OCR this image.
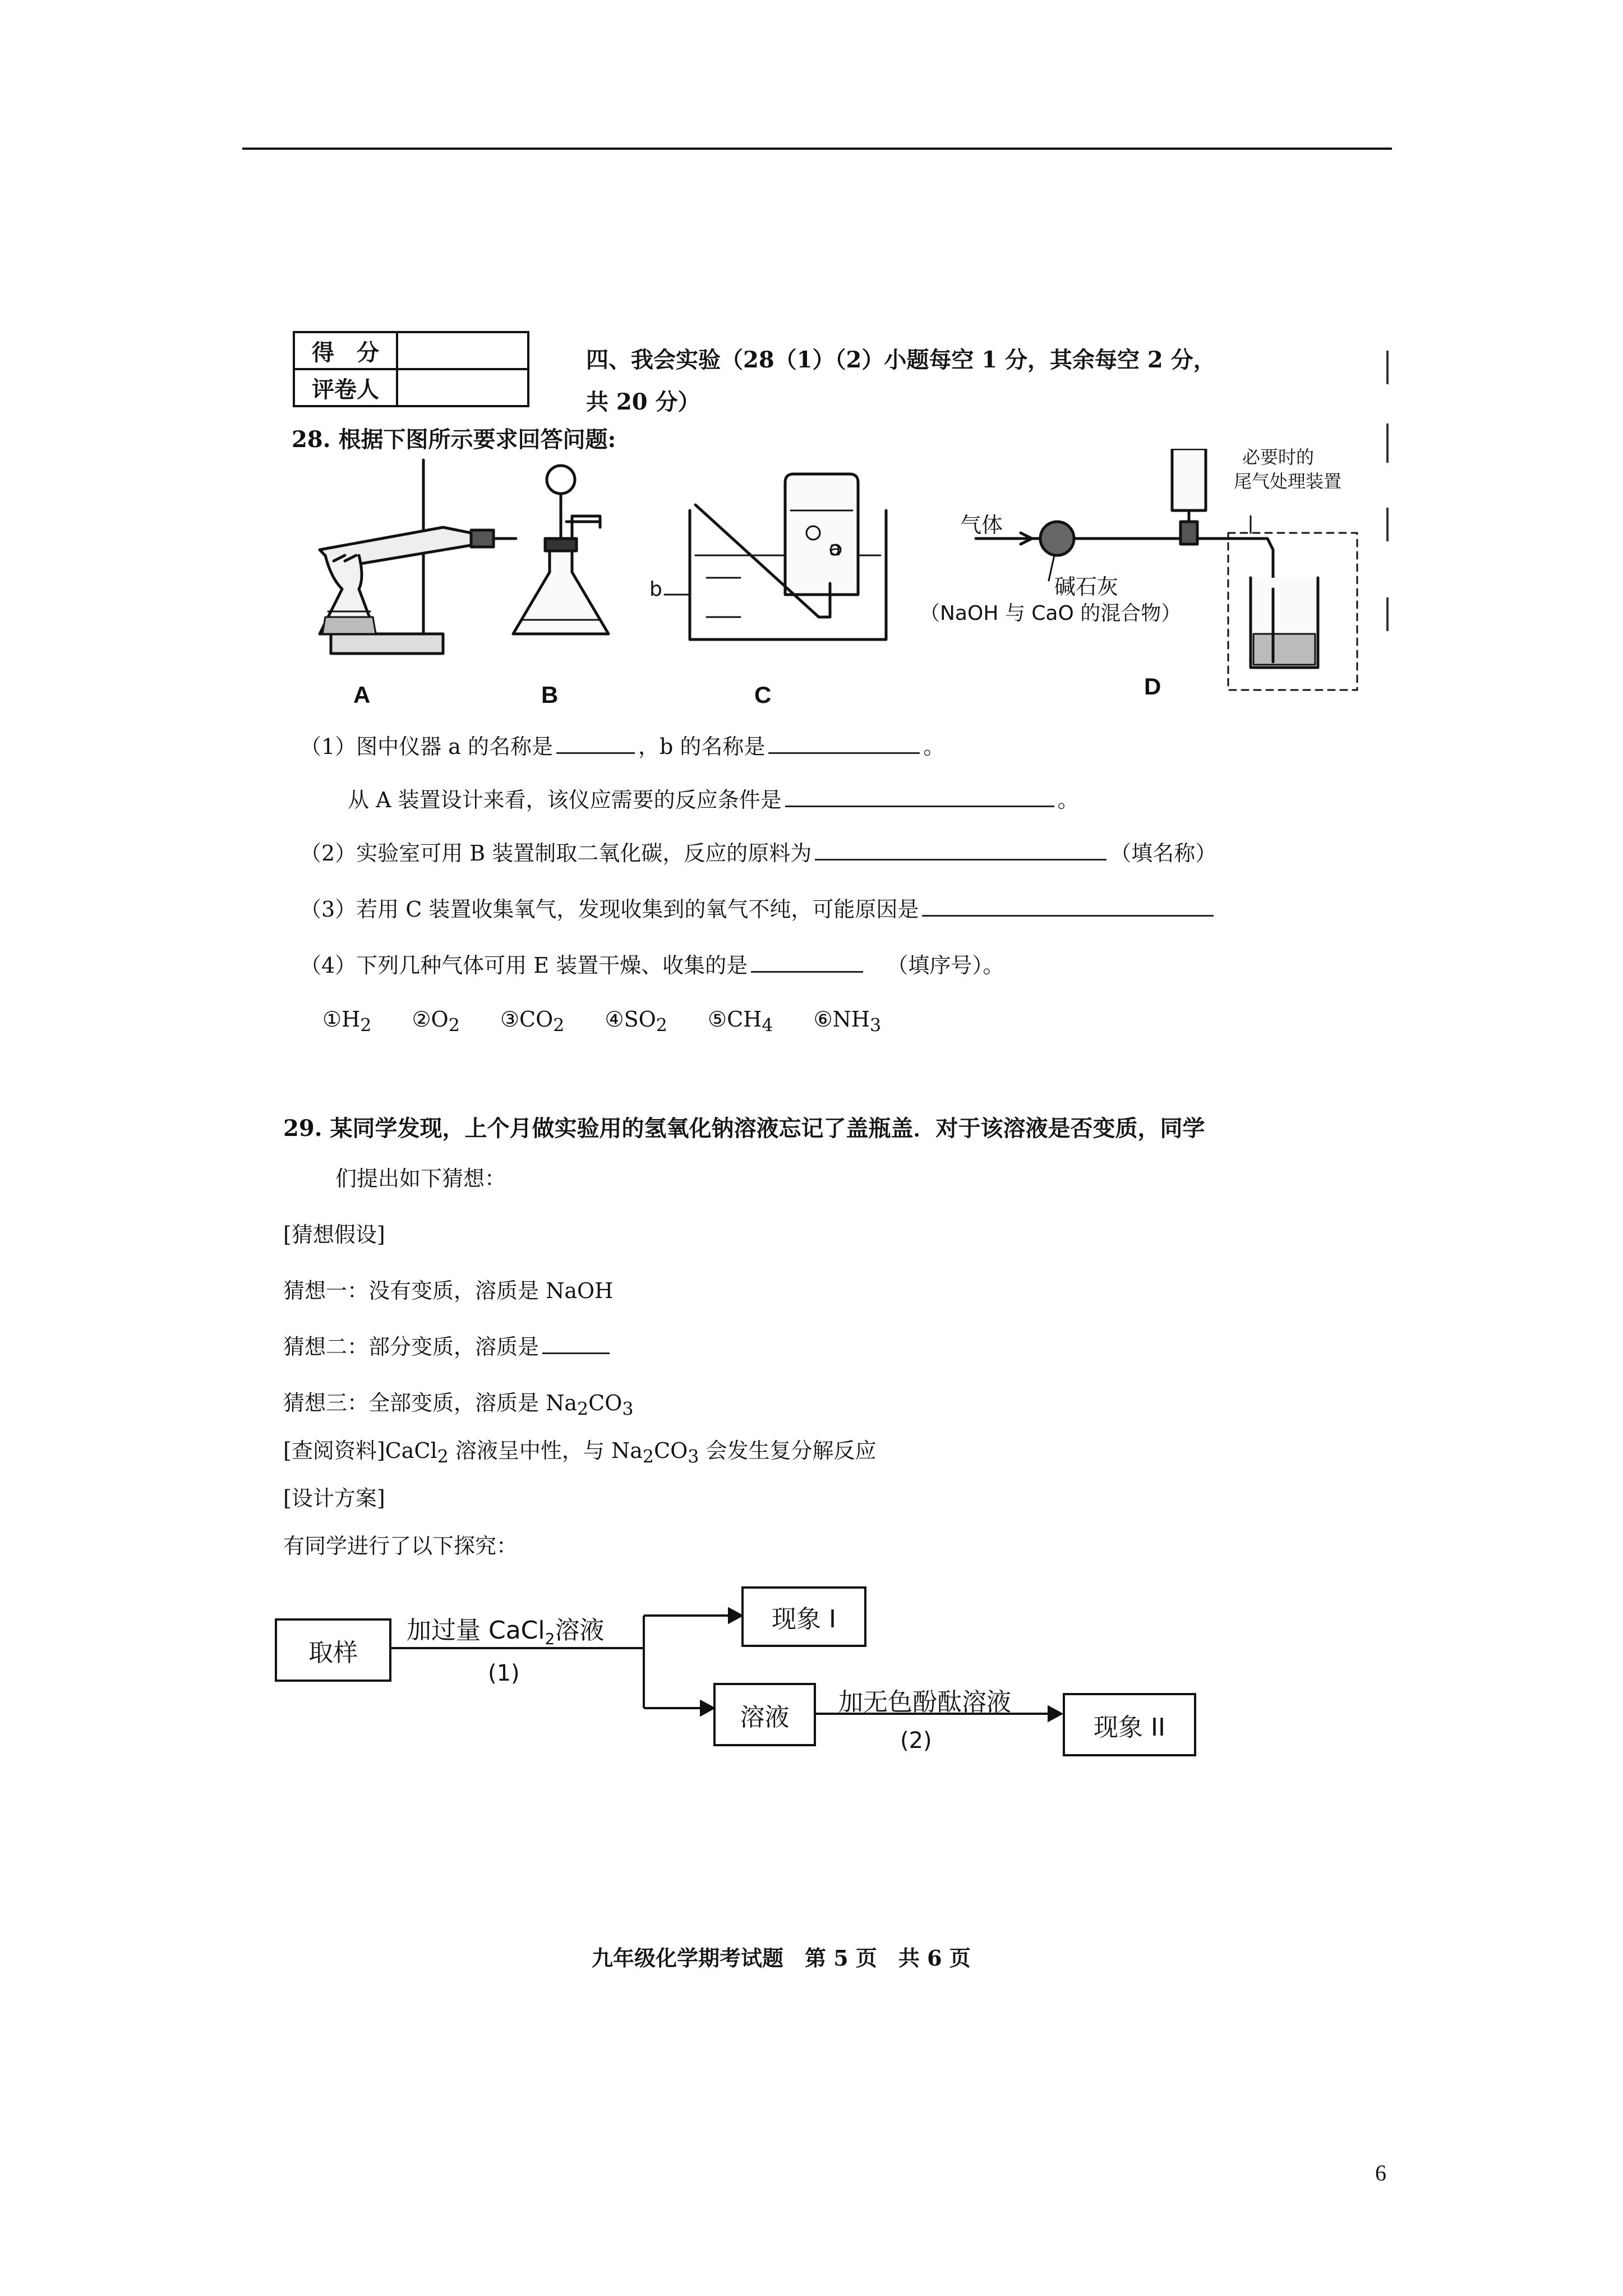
得　分	
评卷人	
四、我会实验（28（1）（2）小题每空 1 分，其余每空 2 分，
共 20 分）
28. 根据下图所示要求回答问题:
a
b
气体
碱石灰
（NaOH 与 CaO 的混合物）
必要时的
尾气处理装置
A	B	C	D
（1）图中仪器 a 的名称是	，b 的名称是	。
从 A 装置设计来看，该仪应需要的反应条件是	。
（2）实验室可用 B 装置制取二氧化碳，反应的原料为	（填名称）
（3）若用 C 装置收集氧气，发现收集到的氧气不纯，可能原因是
（4）下列几种气体可用 E 装置干燥、收集的是	（填序号）。
$①H_2$ $②O_2$ $③CO_2$ $④SO_2$ $⑤CH_4$ $⑥NH_3$
29. 某同学发现，上个月做实验用的氢氧化钠溶液忘记了盖瓶盖．对于该溶液是否变质，同学
们提出如下猜想：
[猜想假设]
猜想一：没有变质，溶质是 NaOH
猜想二：部分变质，溶质是
猜想三：全部变质，溶质是 $Na_2CO_3$
[查阅资料]CaCl$_2$ 溶液呈中性，与 $Na_2CO_3$ 会发生复分解反应
[设计方案]
有同学进行了以下探究：
取样
加过量 CaCl$_2$溶液
(1)
现象 I
溶液
加无色酚酞溶液
(2)	现象 II
九年级化学期考试题　第 5 页　共 6 页
6
